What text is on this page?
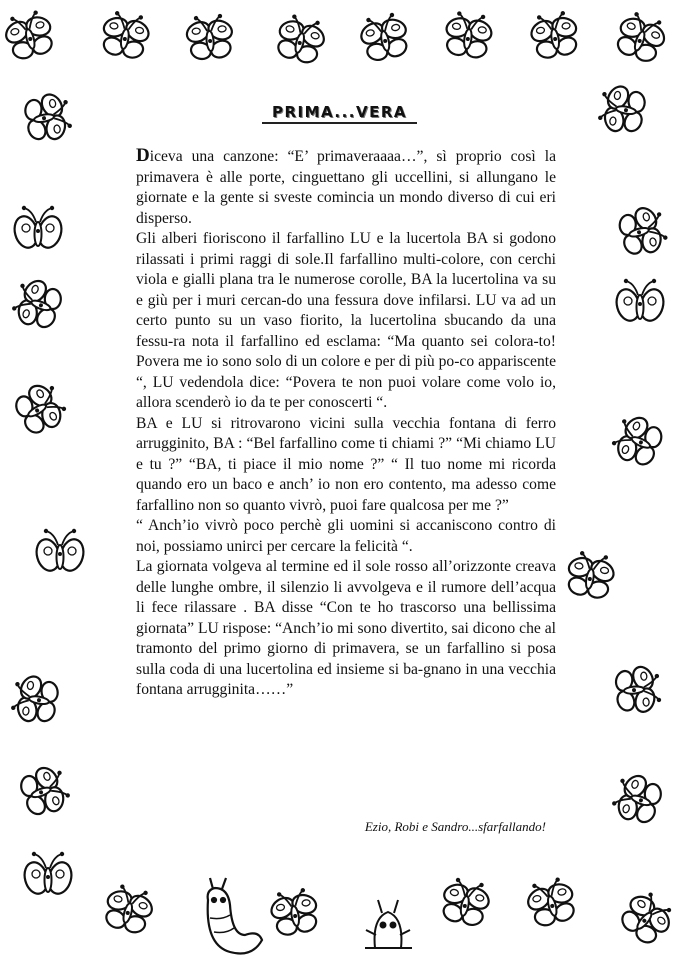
PRIMA...VERA

Diceva una canzone: “E’ primaveraaaa…”, sì proprio così la primavera è alle porte, cinguettano gli uccellini, si allungano le giornate e la gente si sveste comincia un mondo diverso di cui eri disperso.

Gli alberi fioriscono il farfallino LU e la lucertola BA si godono rilassati i primi raggi di sole.Il farfallino multi-colore, con cerchi viola e gialli plana tra le numerose corolle, BA la lucertolina va su e giù per i muri cercan-do una fessura dove infilarsi. LU va ad un certo punto su un vaso fiorito, la lucertolina sbucando da una fessu-ra nota il farfallino ed esclama: “Ma quanto sei colora-to! Povera me io sono solo di un colore e per di più po-co appariscente “, LU vedendola dice: “Povera te non puoi volare come volo io, allora scenderò io da te per conoscerti “.

BA e LU si ritrovarono vicini sulla vecchia fontana di ferro arrugginito, BA : “Bel farfallino come ti chiami ?” “Mi chiamo LU e tu ?” “BA, ti piace il mio nome ?” “ Il tuo nome mi ricorda quando ero un baco e anch’ io non ero contento, ma adesso come farfallino non so quanto vivrò, puoi fare qualcosa per me ?”

“ Anch’io vivrò poco perchè gli uomini si accaniscono contro di noi, possiamo unirci per cercare la felicità “.

La giornata volgeva al termine ed il sole rosso all’orizzonte creava delle lunghe ombre, il silenzio li avvolgeva e il rumore dell’acqua li fece rilassare . BA disse “Con te ho trascorso una bellissima giornata” LU rispose: “Anch’io mi sono divertito, sai dicono che al tramonto del primo giorno di primavera, se un farfallino si posa sulla coda di una lucertolina ed insieme si ba-gnano in una vecchia fontana arrugginita……”

Ezio, Robi e Sandro...sfarfallando!
